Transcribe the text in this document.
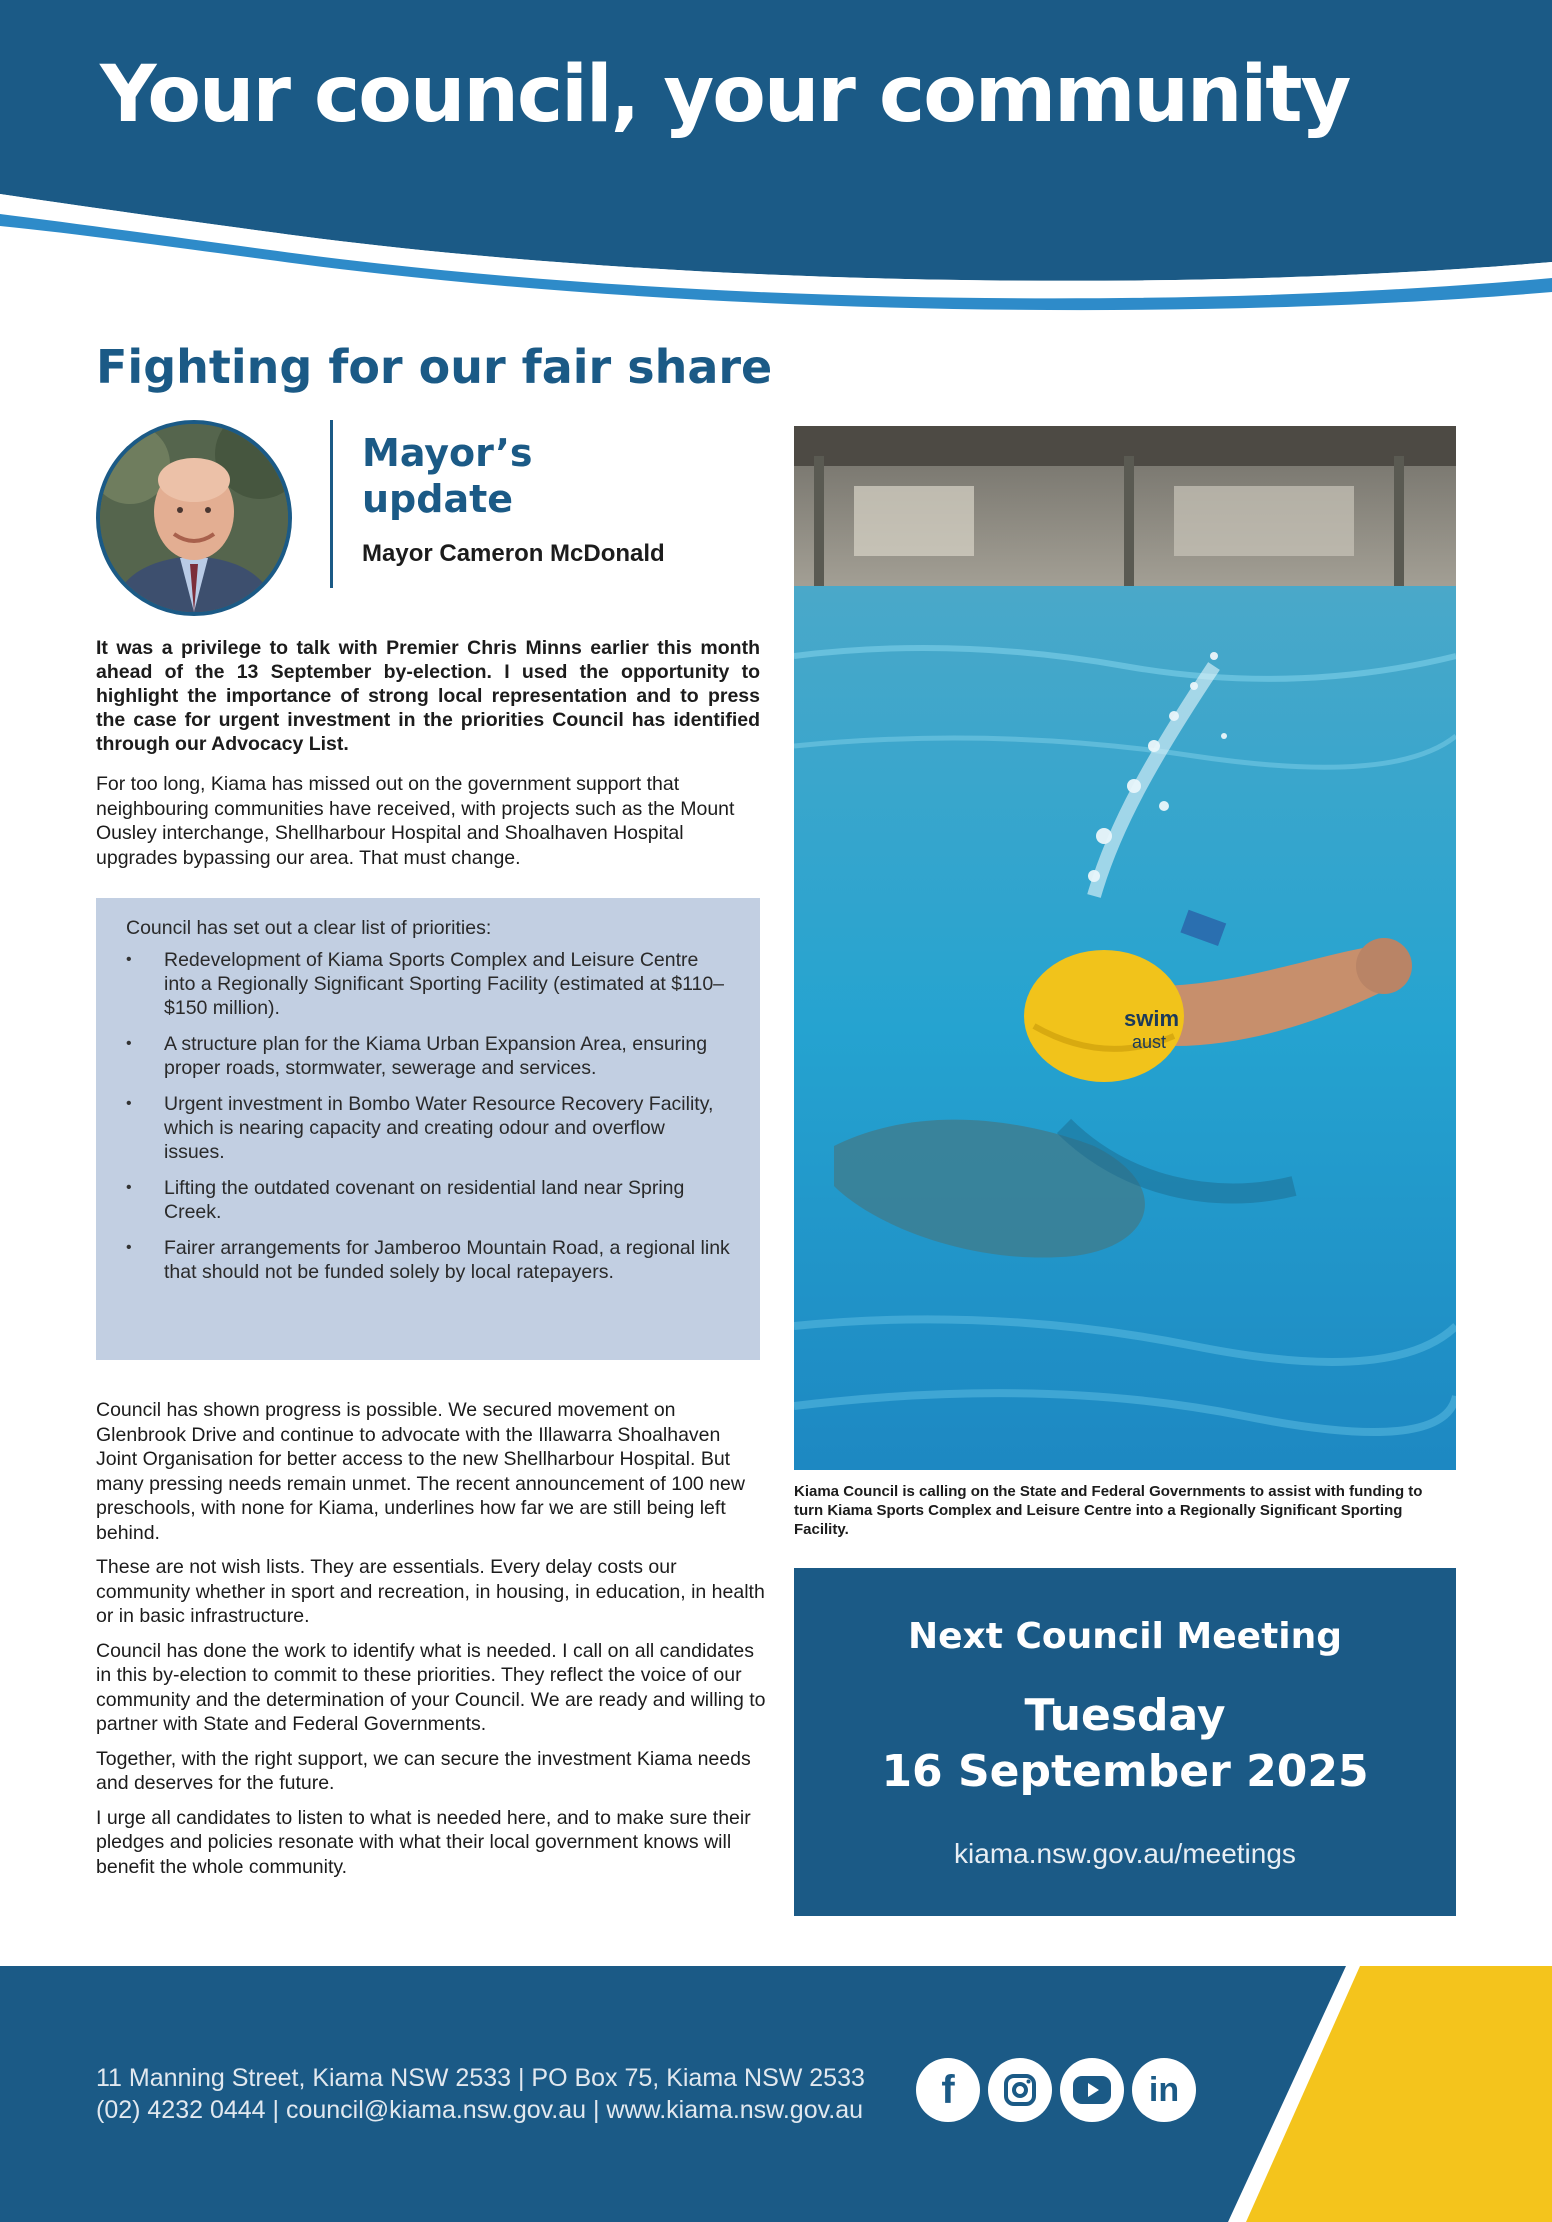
Your council, your community
Fighting for our fair share
Mayor’s update
Mayor Cameron McDonald

It was a privilege to talk with Premier Chris Minns earlier this month ahead of the 13 September by-election. I used the opportunity to highlight the importance of strong local representation and to press the case for urgent investment in the priorities Council has identified through our Advocacy List.

For too long, Kiama has missed out on the government support that neighbouring communities have received, with projects such as the Mount Ousley interchange, Shellharbour Hospital and Shoalhaven Hospital upgrades bypassing our area. That must change.

Council has set out a clear list of priorities:

• Redevelopment of Kiama Sports Complex and Leisure Centre into a Regionally Significant Sporting Facility (estimated at $110–$150 million).
• A structure plan for the Kiama Urban Expansion Area, ensuring proper roads, stormwater, sewerage and services.
• Urgent investment in Bombo Water Resource Recovery Facility, which is nearing capacity and creating odour and overflow issues.
• Lifting the outdated covenant on residential land near Spring Creek.
• Fairer arrangements for Jamberoo Mountain Road, a regional link that should not be funded solely by local ratepayers.

Council has shown progress is possible. We secured movement on Glenbrook Drive and continue to advocate with the Illawarra Shoalhaven Joint Organisation for better access to the new Shellharbour Hospital. But many pressing needs remain unmet. The recent announcement of 100 new preschools, with none for Kiama, underlines how far we are still being left behind.

These are not wish lists. They are essentials. Every delay costs our community whether in sport and recreation, in housing, in education, in health or in basic infrastructure.

Council has done the work to identify what is needed. I call on all candidates in this by-election to commit to these priorities. They reflect the voice of our community and the determination of your Council. We are ready and willing to partner with State and Federal Governments.

Together, with the right support, we can secure the investment Kiama needs and deserves for the future.

I urge all candidates to listen to what is needed here, and to make sure their pledges and policies resonate with what their local government knows will benefit the whole community.

swim
aust

Kiama Council is calling on the State and Federal Governments to assist with funding to turn Kiama Sports Complex and Leisure Centre into a Regionally Significant Sporting Facility.

Next Council Meeting
Tuesday
16 September 2025
kiama.nsw.gov.au/meetings
11 Manning Street, Kiama NSW 2533 | PO Box 75, Kiama NSW 2533
(02) 4232 0444 | council@kiama.nsw.gov.au | www.kiama.nsw.gov.au f	in
